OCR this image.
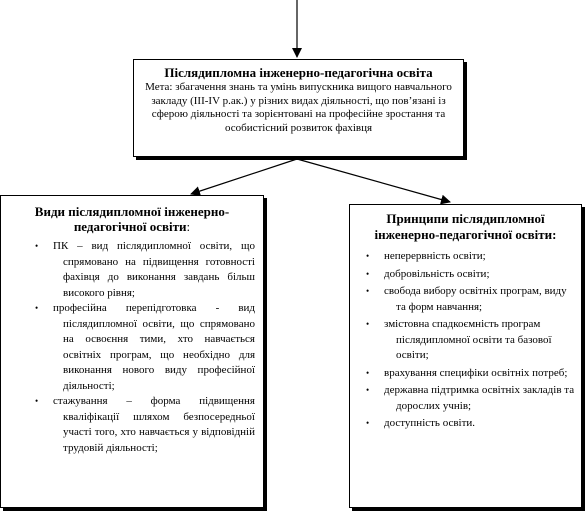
Післядипломна інженерно-педагогічна освіта
Мета: збагачення знань та умінь випускника вищого навчального закладу (ІІІ-ІV р.ак.) у різних видах діяльності, що пов’язані із сферою діяльності та зорієнтовані на професійне зростання та особистісний розвиток фахівця
Види післядипломної інженерно-педагогічної освіти:
•	ПК – вид післядипломної освіти, що спрямовано на підвищення готовності фахівця до виконання завдань більш високого рівня;
•	професійна перепідготовка - вид післядипломної освіти, що спрямовано на освоєння тими, хто навчається освітніх програм, що необхідно для виконання нового виду професійної діяльності;
•	стажування – форма підвищення кваліфікації шляхом безпосередньої участі того, хто навчається у відповідній трудовій діяльності;
Принципи післядипломної інженерно-педагогічної освіти:
• неперервність освіти;
• добровільність освіти;
• свобода вибору освітніх програм, виду та форм навчання;
• змістовна спадкоємність програм післядипломної освіти та базової освіти;
• врахування специфіки освітніх потреб;
• державна підтримка освітніх закладів та дорослих учнів;
• доступність освіти.
